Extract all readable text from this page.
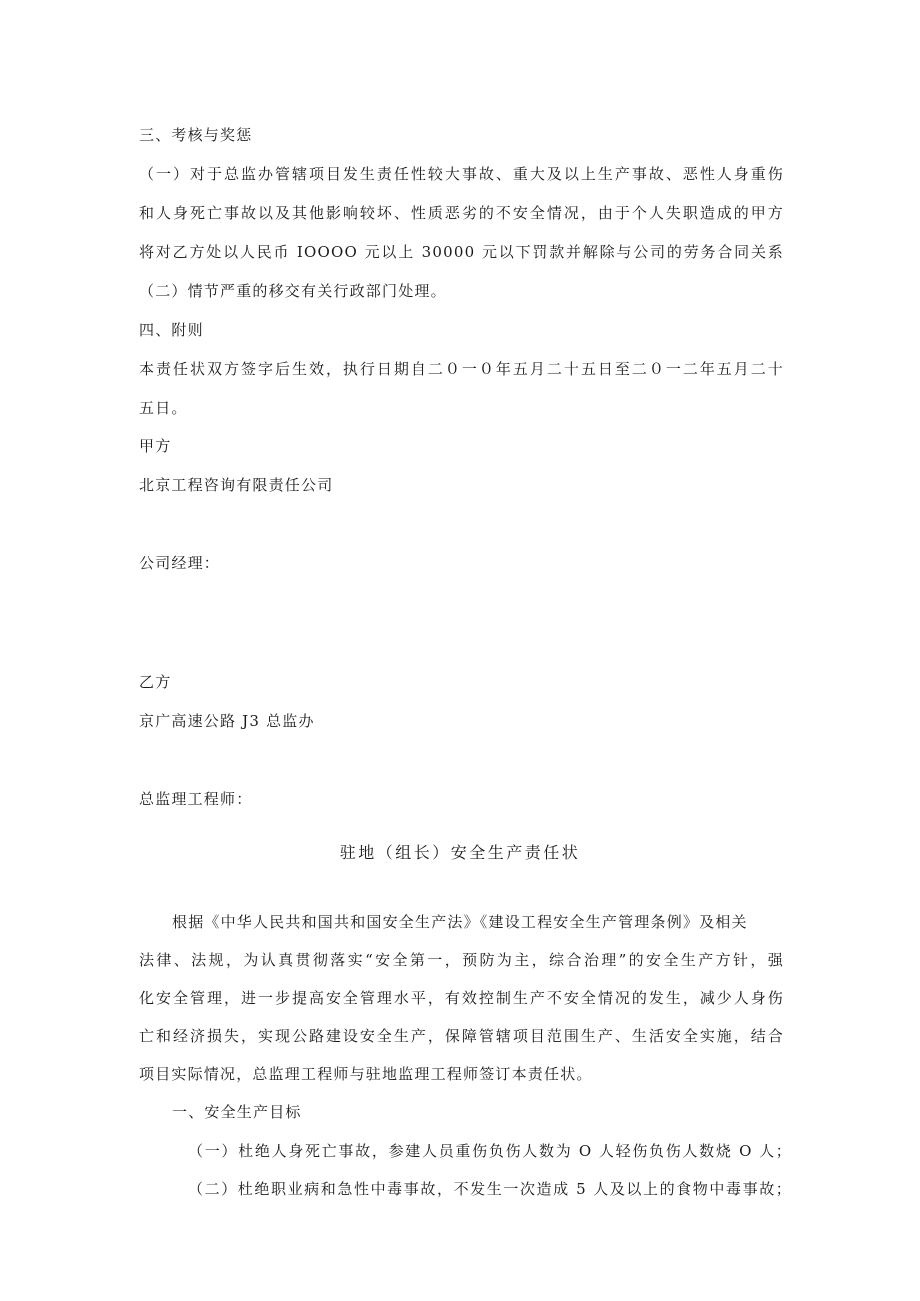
三、考核与奖惩

（一）对于总监办管辖项目发生责任性较大事故、重大及以上生产事故、恶性人身重伤

和人身死亡事故以及其他影响较坏、性质恶劣的不安全情况，由于个人失职造成的甲方

将对乙方处以人民币 IOOOO 元以上 30000 元以下罚款并解除与公司的劳务合同关系

（二）情节严重的移交有关行政部门处理。

四、附则

本责任状双方签字后生效，执行日期自二０一０年五月二十五日至二０一二年五月二十

五日。

甲方

北京工程咨询有限责任公司

公司经理：

乙方

京广高速公路 J3 总监办

总监理工程师：

驻地（组长）安全生产责任状

根据《中华人民共和国共和国安全生产法》《建设工程安全生产管理条例》及相关

法律、法规，为认真贯彻落实“安全第一，预防为主，综合治理”的安全生产方针，强

化安全管理，进一步提高安全管理水平，有效控制生产不安全情况的发生，减少人身伤

亡和经济损失，实现公路建设安全生产，保障管辖项目范围生产、生活安全实施，结合

项目实际情况，总监理工程师与驻地监理工程师签订本责任状。

一、安全生产目标

（一）杜绝人身死亡事故，参建人员重伤负伤人数为 O 人轻伤负伤人数烧 O 人；

（二）杜绝职业病和急性中毒事故，不发生一次造成 5 人及以上的食物中毒事故；
